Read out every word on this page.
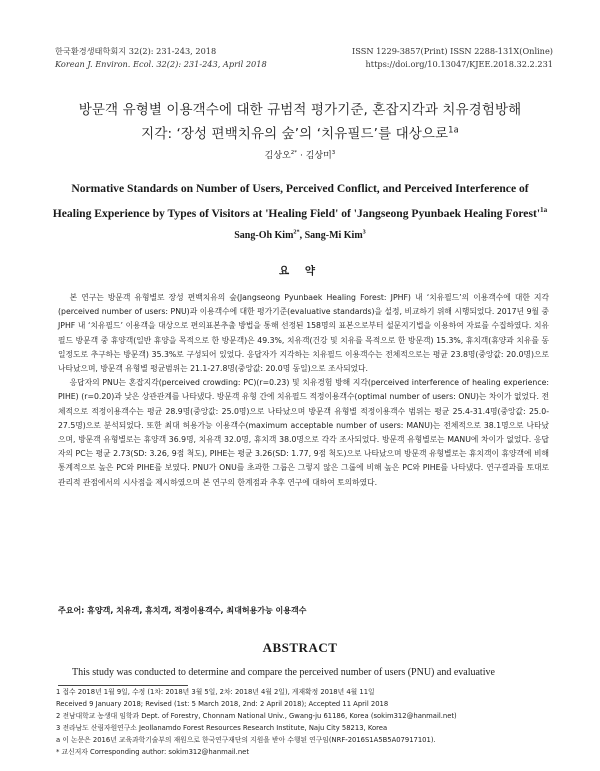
한국환경생태학회지 32(2): 231-243, 2018
Korean J. Environ. Ecol. 32(2): 231-243, April 2018
ISSN 1229-3857(Print) ISSN 2288-131X(Online)
https://doi.org/10.13047/KJEE.2018.32.2.231
방문객 유형별 이용객수에 대한 규범적 평가기준, 혼잡지각과 치유경험방해
지각: ‘장성 편백치유의 숲’의 ‘치유필드’를 대상으로$^{1a}$
김상오$^{2*}$ · 김상미$^3$
Normative Standards on Number of Users, Perceived Conflict, and Perceived Interference of
Healing Experience by Types of Visitors at 'Healing Field' of 'Jangseong Pyunbaek Healing $Forest'^{1a}$
Sang-Oh Kim$^{2*}$, Sang-Mi Kim$^3$
요 약

본 연구는 방문객 유형별로 장성 편백치유의 숲(Jangseong Pyunbaek Healing Forest: JPHF) 내 ‘치유필드’의 이용객수에 대한 지각(perceived number of users: PNU)과 이용객수에 대한 평가기준(evaluative standards)을 설정, 비교하기 위해 시행되었다. 2017년 9월 중 JPHF 내 ‘치유필드’ 이용객을 대상으로 편의표본추출 방법을 통해 선정된 158명의 표본으로부터 설문지기법을 이용하여 자료를 수집하였다. 치유필드 방문객 중 휴양객(일반 휴양을 목적으로 한 방문객)은 49.3%, 치유객(건강 및 치유를 목적으로 한 방문객) 15.3%, 휴치객(휴양과 치유를 동일정도로 추구하는 방문객) 35.3%로 구성되어 있었다. 응답자가 지각하는 치유필드 이용객수는 전체적으로는 평균 23.8명(중앙값: 20.0명)으로 나타났으며, 방문객 유형별 평균범위는 21.1-27.8명(중앙값: 20.0명 동일)으로 조사되었다.

응답자의 PNU는 혼잡지각(perceived crowding: PC)(r=0.23) 및 치유경험 방해 지각(perceived interference of healing experience: PIHE) (r=0.20)과 낮은 상관관계를 나타냈다. 방문객 유형 간에 치유필드 적정이용객수(optimal number of users: ONU)는 차이가 없었다. 전체적으로 적정이용객수는 평균 28.9명(중앙값: 25.0명)으로 나타났으며 방문객 유형별 적정이용객수 범위는 평균 25.4-31.4명(중앙값: 25.0-27.5명)으로 분석되었다. 또한 최대 허용가능 이용객수(maximum acceptable number of users: MANU)는 전체적으로 38.1명으로 나타났으며, 방문객 유형별로는 휴양객 36.9명, 치유객 32.0명, 휴치객 38.0명으로 각각 조사되었다. 방문객 유형별로는 MANU에 차이가 없었다. 응답자의 PC는 평균 2.73(SD: 3.26, 9점 척도), PIHE는 평균 3.26(SD: 1.77, 9점 척도)으로 나타났으며 방문객 유형별로는 휴치객이 휴양객에 비해 통계적으로 높은 PC와 PIHE를 보였다. PNU가 ONU를 초과한 그룹은 그렇지 않은 그룹에 비해 높은 PC와 PIHE를 나타냈다. 연구결과를 토대로 관리적 관점에서의 시사점을 제시하였으며 본 연구의 한계점과 추후 연구에 대하여 토의하였다.

주요어: 휴양객, 치유객, 휴치객, 적정이용객수, 최대허용가능 이용객수
ABSTRACT
This study was conducted to determine and compare the perceived number of users (PNU) and evaluative
1 접수 2018년 1월 9일, 수정 (1차: 2018년 3월 5일, 2차: 2018년 4월 2일), 게재확정 2018년 4월 11일
Received 9 January 2018; Revised (1st: 5 March 2018, 2nd: 2 April 2018); Accepted 11 April 2018
2 전남대학교 농생대 임학과 Dept. of Forestry, Chonnam National Univ., Gwang-ju 61186, Korea (sokim312@hanmail.net)
3 전라남도 산림자원연구소 Jeollanamdo Forest Resources Research Institute, Naju City 58213, Korea
a 이 논문은 2016년 교육과학기술부의 재원으로 한국연구재단의 지원을 받아 수행된 연구임(NRF-2016S1A5B5A07917101).
* 교신저자 Corresponding author: sokim312@hanmail.net
